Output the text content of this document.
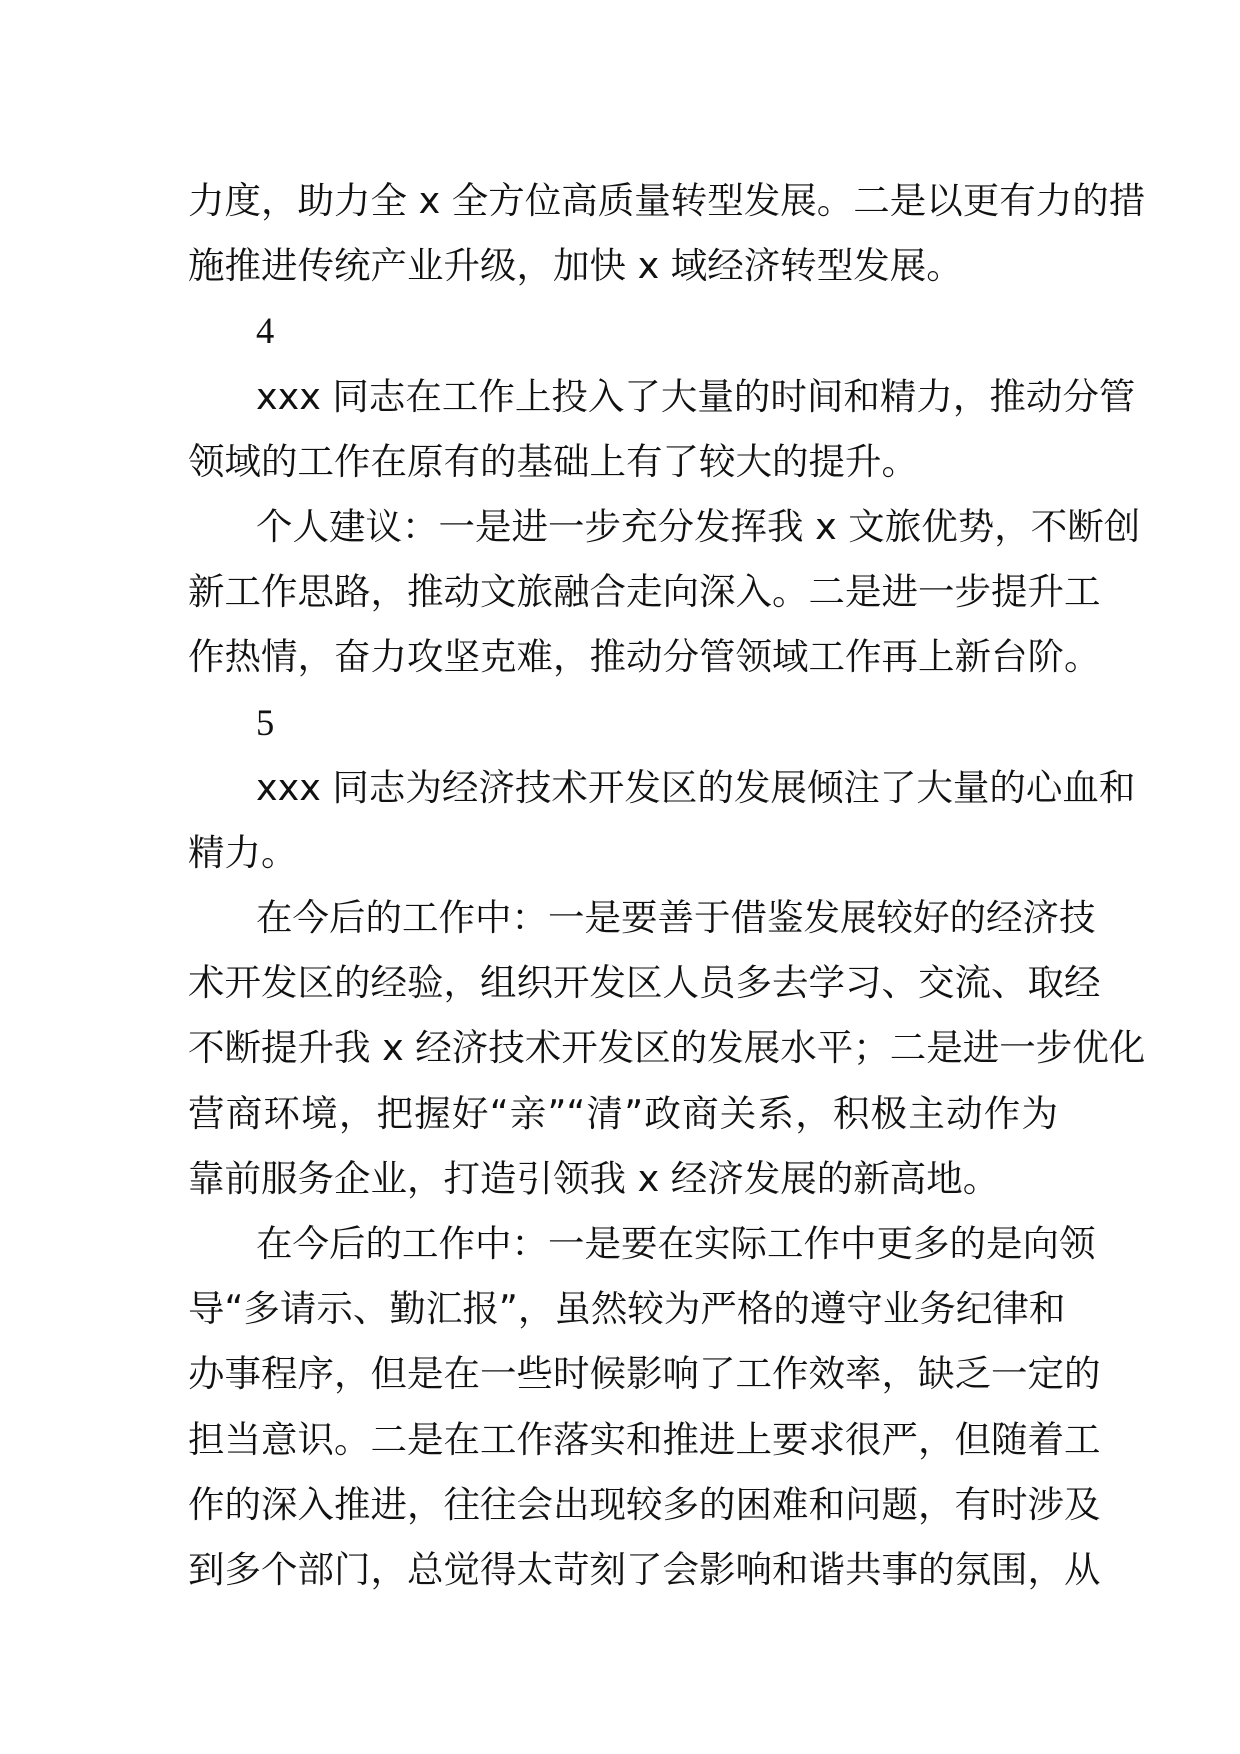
力度，助力全 x 全方位高质量转型发展。二是以更有力的措
施推进传统产业升级，加快 x 域经济转型发展。
4
xxx 同志在工作上投入了大量的时间和精力，推动分管
领域的工作在原有的基础上有了较大的提升。
个人建议：一是进一步充分发挥我 x 文旅优势，不断创
新工作思路，推动文旅融合走向深入。二是进一步提升工
作热情，奋力攻坚克难，推动分管领域工作再上新台阶。
5
xxx 同志为经济技术开发区的发展倾注了大量的心血和
精力。
在今后的工作中：一是要善于借鉴发展较好的经济技
术开发区的经验，组织开发区人员多去学习、交流、取经
不断提升我 x 经济技术开发区的发展水平；二是进一步优化
营商环境，把握好“亲”“清”政商关系，积极主动作为
靠前服务企业，打造引领我 x 经济发展的新高地。
在今后的工作中：一是要在实际工作中更多的是向领
导“多请示、勤汇报”，虽然较为严格的遵守业务纪律和
办事程序，但是在一些时候影响了工作效率，缺乏一定的
担当意识。二是在工作落实和推进上要求很严，但随着工
作的深入推进，往往会出现较多的困难和问题，有时涉及
到多个部门，总觉得太苛刻了会影响和谐共事的氛围，从
